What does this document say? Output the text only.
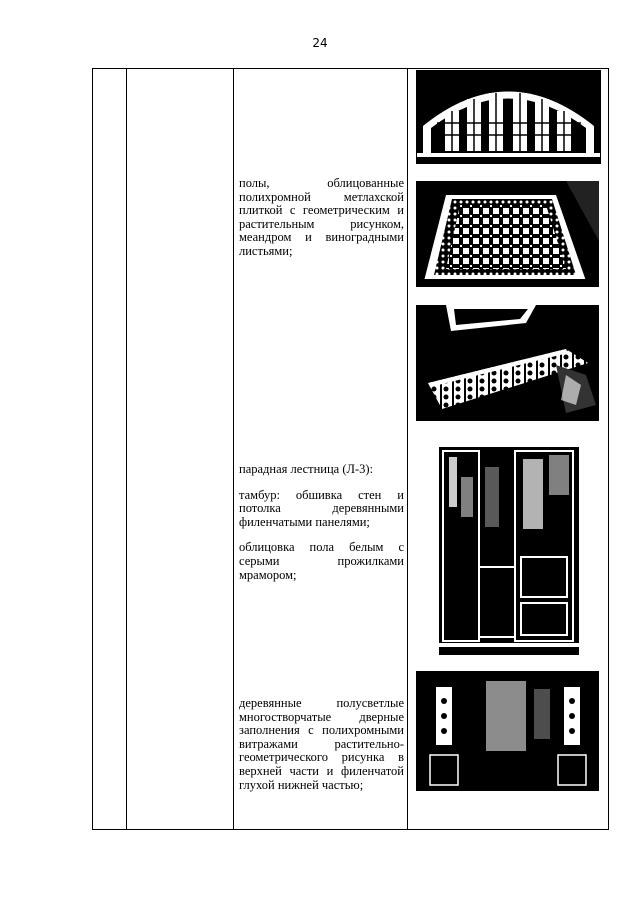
24

полы, облицованные полихромной метлахской плиткой с геометрическим и растительным рисунком, меандром и виноградными листьями;

парадная лестница (Л-3):

тамбур: обшивка стен и потолка деревянными филенчатыми панелями;

облицовка пола белым с серыми прожилками мрамором;

деревянные полусветлые многостворчатые дверные заполнения с полихромными витражами растительно-геометрического рисунка в верхней части и филенчатой глухой нижней частью;
